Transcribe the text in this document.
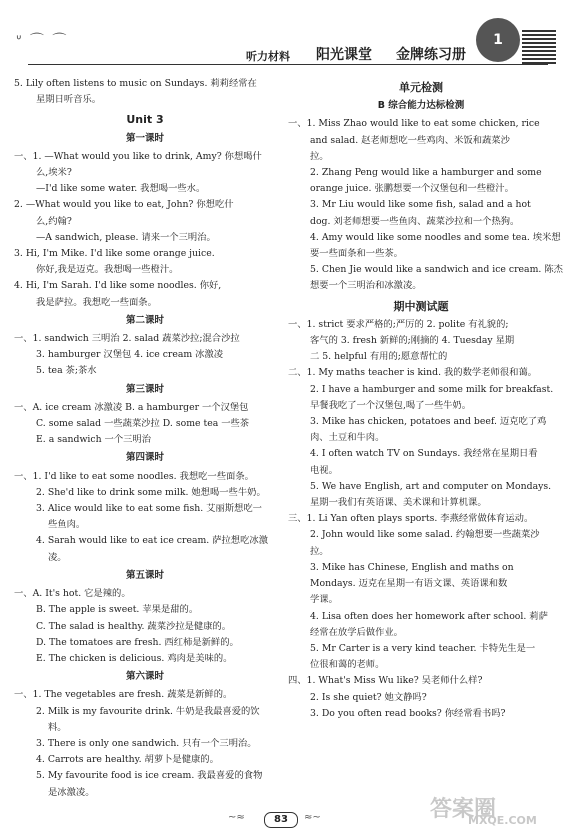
ᐡ ⌒ ⌒
听力材料 阳光课堂 金牌练习册
1
5. Lily often listens to music on Sundays. 莉莉经常在
星期日听音乐。
Unit 3
第一课时
一、1. —What would you like to drink, Amy? 你想喝什
么,埃米?
—I'd like some water. 我想喝一些水。
2. —What would you like to eat, John? 你想吃什
么,约翰?
—A sandwich, please. 请来一个三明治。
3. Hi, I'm Mike. I'd like some orange juice.
你好,我是迈克。我想喝一些橙汁。
4. Hi, I'm Sarah. I'd like some noodles. 你好,
我是萨拉。我想吃一些面条。
第二课时
一、1. sandwich 三明治 2. salad 蔬菜沙拉;混合沙拉
3. hamburger 汉堡包 4. ice cream 冰激凌
5. tea 茶;茶水
第三课时
一、A. ice cream 冰激凌 B. a hamburger 一个汉堡包
C. some salad 一些蔬菜沙拉 D. some tea 一些茶
E. a sandwich 一个三明治
第四课时
一、1. I'd like to eat some noodles. 我想吃一些面条。
2. She'd like to drink some milk. 她想喝一些牛奶。
3. Alice would like to eat some fish. 艾丽斯想吃一
些鱼肉。
4. Sarah would like to eat ice cream. 萨拉想吃冰激
凌。
第五课时
一、A. It's hot. 它是辣的。
B. The apple is sweet. 苹果是甜的。
C. The salad is healthy. 蔬菜沙拉是健康的。
D. The tomatoes are fresh. 西红柿是新鲜的。
E. The chicken is delicious. 鸡肉是美味的。
第六课时
一、1. The vegetables are fresh. 蔬菜是新鲜的。
2. Milk is my favourite drink. 牛奶是我最喜爱的饮
料。
3. There is only one sandwich. 只有一个三明治。
4. Carrots are healthy. 胡萝卜是健康的。
5. My favourite food is ice cream. 我最喜爱的食物
是冰激凌。
单元检测
B 综合能力达标检测
一、1. Miss Zhao would like to eat some chicken, rice
and salad. 赵老师想吃一些鸡肉、米饭和蔬菜沙
拉。
2. Zhang Peng would like a hamburger and some
orange juice. 张鹏想要一个汉堡包和一些橙汁。
3. Mr Liu would like some fish, salad and a hot
dog. 刘老师想要一些鱼肉、蔬菜沙拉和一个热狗。
4. Amy would like some noodles and some tea. 埃米想
要一些面条和一些茶。
5. Chen Jie would like a sandwich and ice cream. 陈杰
想要一个三明治和冰激凌。
期中测试题
一、1. strict 要求严格的;严厉的 2. polite 有礼貌的;
客气的 3. fresh 新鲜的;刚摘的 4. Tuesday 星期
二 5. helpful 有用的;愿意帮忙的
二、1. My maths teacher is kind. 我的数学老师很和蔼。
2. I have a hamburger and some milk for breakfast.
早餐我吃了一个汉堡包,喝了一些牛奶。
3. Mike has chicken, potatoes and beef. 迈克吃了鸡
肉、土豆和牛肉。
4. I often watch TV on Sundays. 我经常在星期日看
电视。
5. We have English, art and computer on Mondays.
星期一我们有英语课、美术课和计算机课。
三、1. Li Yan often plays sports. 李燕经常做体育运动。
2. John would like some salad. 约翰想要一些蔬菜沙
拉。
3. Mike has Chinese, English and maths on
Mondays. 迈克在星期一有语文课、英语课和数
学课。
4. Lisa often does her homework after school. 莉萨
经常在放学后做作业。
5. Mr Carter is a very kind teacher. 卡特先生是一
位很和蔼的老师。
四、1. What's Miss Wu like? 吴老师什么样?
2. Is she quiet? 她文静吗?
3. Do you often read books? 你经常看书吗?
~≈	83	≈~	答案圈
MXQE.COM
